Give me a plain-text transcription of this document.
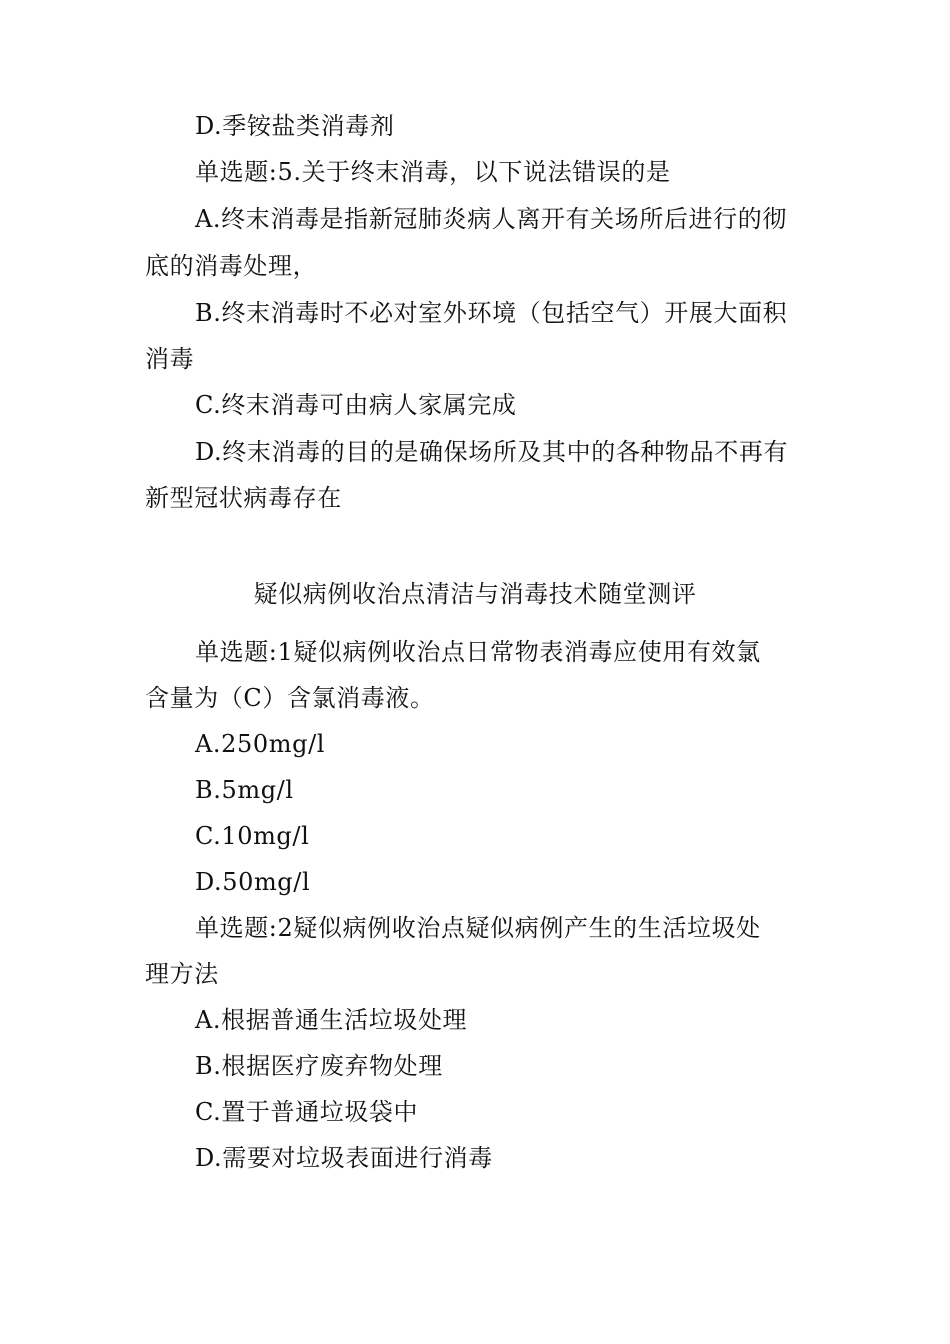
D.季铵盐类消毒剂
单选题:5.关于终末消毒，以下说法错误的是
A.终末消毒是指新冠肺炎病人离开有关场所后进行的彻
底的消毒处理，
B.终末消毒时不必对室外环境（包括空气）开展大面积
消毒
C.终末消毒可由病人家属完成
D.终末消毒的目的是确保场所及其中的各种物品不再有
新型冠状病毒存在
疑似病例收治点清洁与消毒技术随堂测评
单选题:1疑似病例收治点日常物表消毒应使用有效氯
含量为（C）含氯消毒液。
A.250mg/l
B.5mg/l
C.10mg/l
D.50mg/l
单选题:2疑似病例收治点疑似病例产生的生活垃圾处
理方法
A.根据普通生活垃圾处理
B.根据医疗废弃物处理
C.置于普通垃圾袋中
D.需要对垃圾表面进行消毒
